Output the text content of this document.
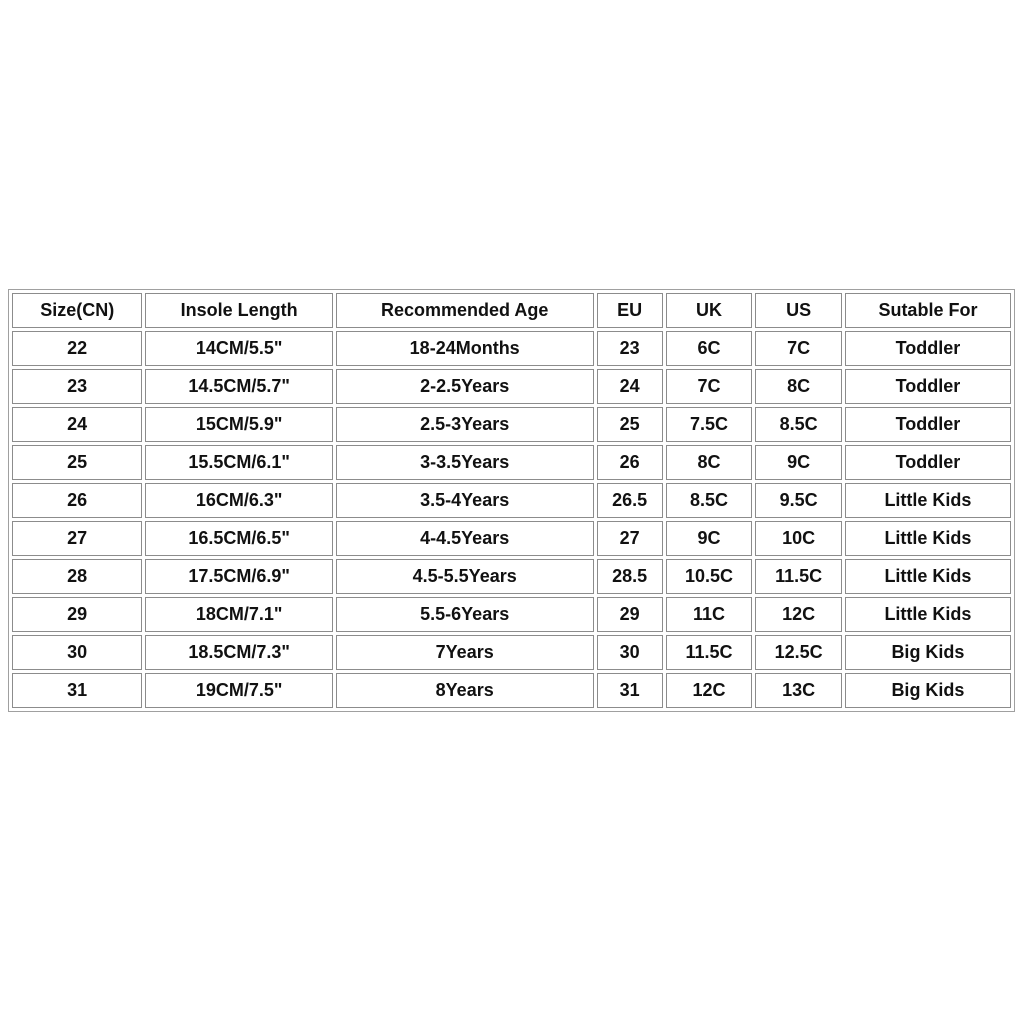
Size(CN)	Insole Length	Recommended Age	EU	UK	US	Sutable For
22	14CM/5.5"	18-24Months	23	6C	7C	Toddler
23	14.5CM/5.7"	2-2.5Years	24	7C	8C	Toddler
24	15CM/5.9"	2.5-3Years	25	7.5C	8.5C	Toddler
25	15.5CM/6.1"	3-3.5Years	26	8C	9C	Toddler
26	16CM/6.3"	3.5-4Years	26.5	8.5C	9.5C	Little Kids
27	16.5CM/6.5"	4-4.5Years	27	9C	10C	Little Kids
28	17.5CM/6.9"	4.5-5.5Years	28.5	10.5C	11.5C	Little Kids
29	18CM/7.1"	5.5-6Years	29	11C	12C	Little Kids
30	18.5CM/7.3"	7Years	30	11.5C	12.5C	Big Kids
31	19CM/7.5"	8Years	31	12C	13C	Big Kids
